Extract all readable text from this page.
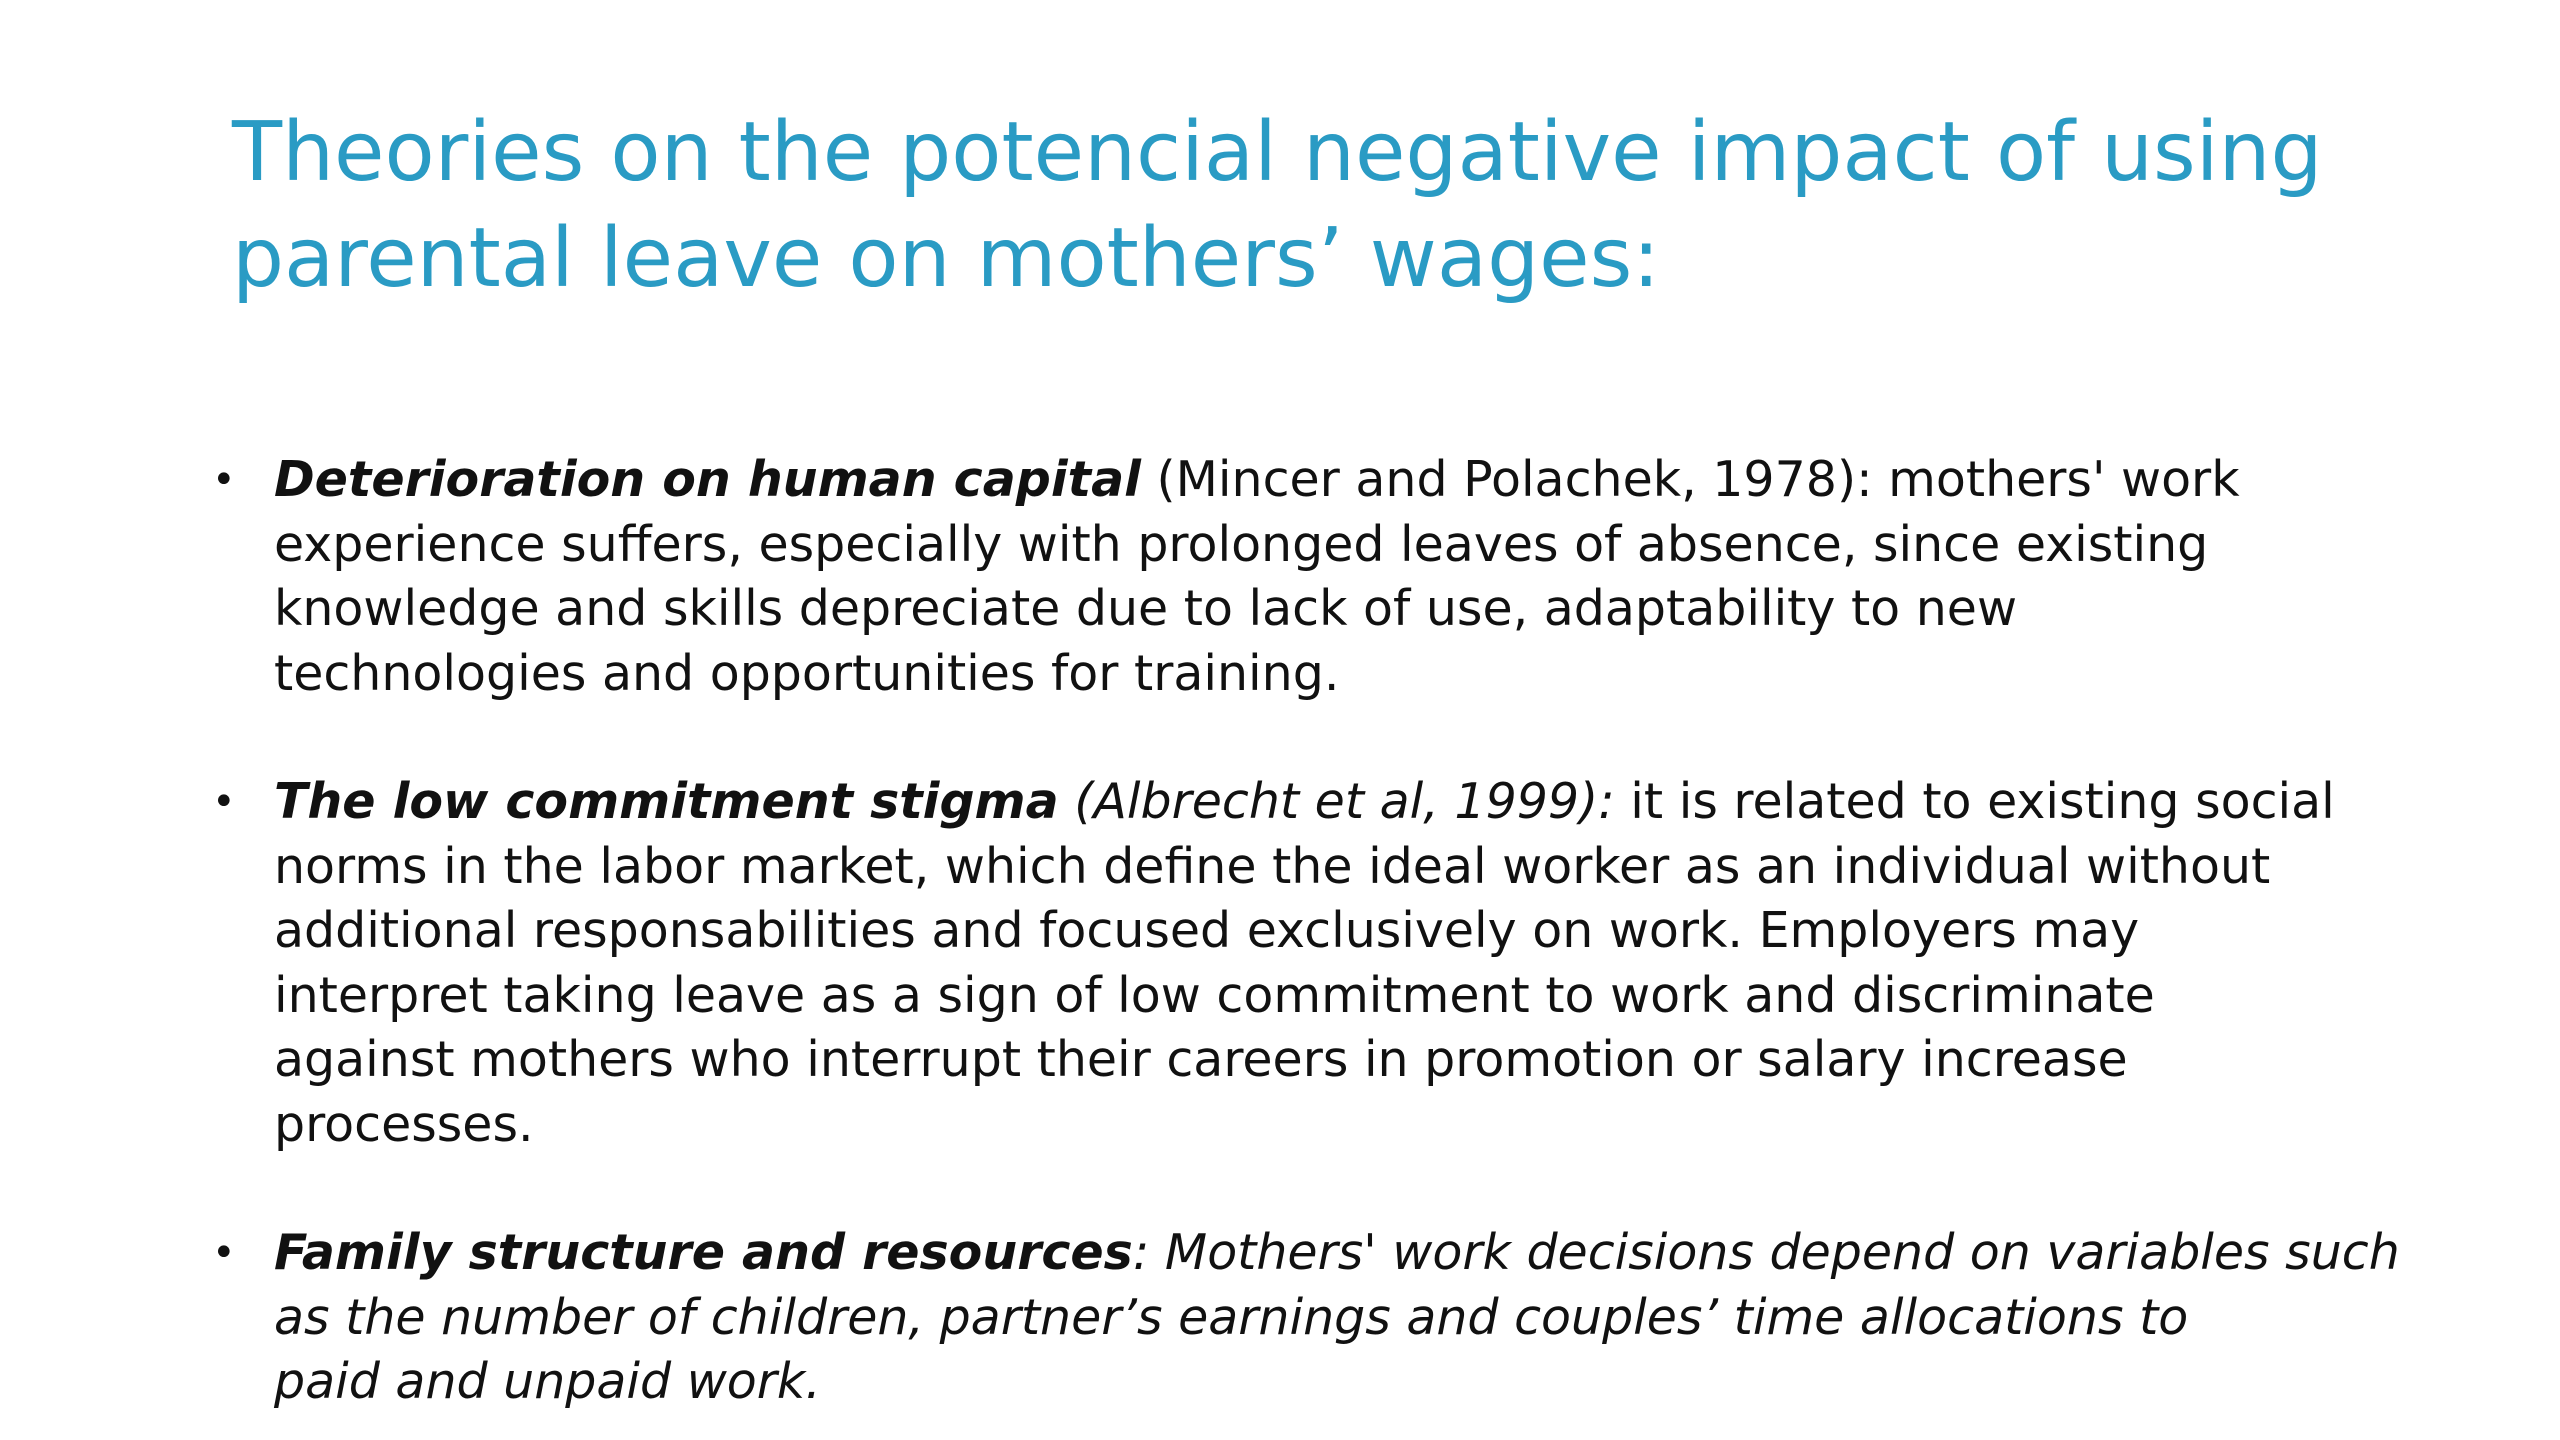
Theories on the potencial negative impact of using
parental leave on mothers’ wages:
• Deterioration on human capital (Mincer and Polachek, 1978): mothers' work
experience suffers, especially with prolonged leaves of absence, since existing
knowledge and skills depreciate due to lack of use, adaptability to new
technologies and opportunities for training.
• The low commitment stigma (Albrecht et al, 1999): it is related to existing social
norms in the labor market, which define the ideal worker as an individual without
additional responsabilities and focused exclusively on work. Employers may
interpret taking leave as a sign of low commitment to work and discriminate
against mothers who interrupt their careers in promotion or salary increase
processes.
• Family structure and resources: Mothers' work decisions depend on variables such
as the number of children, partner’s earnings and couples’ time allocations to
paid and unpaid work.
